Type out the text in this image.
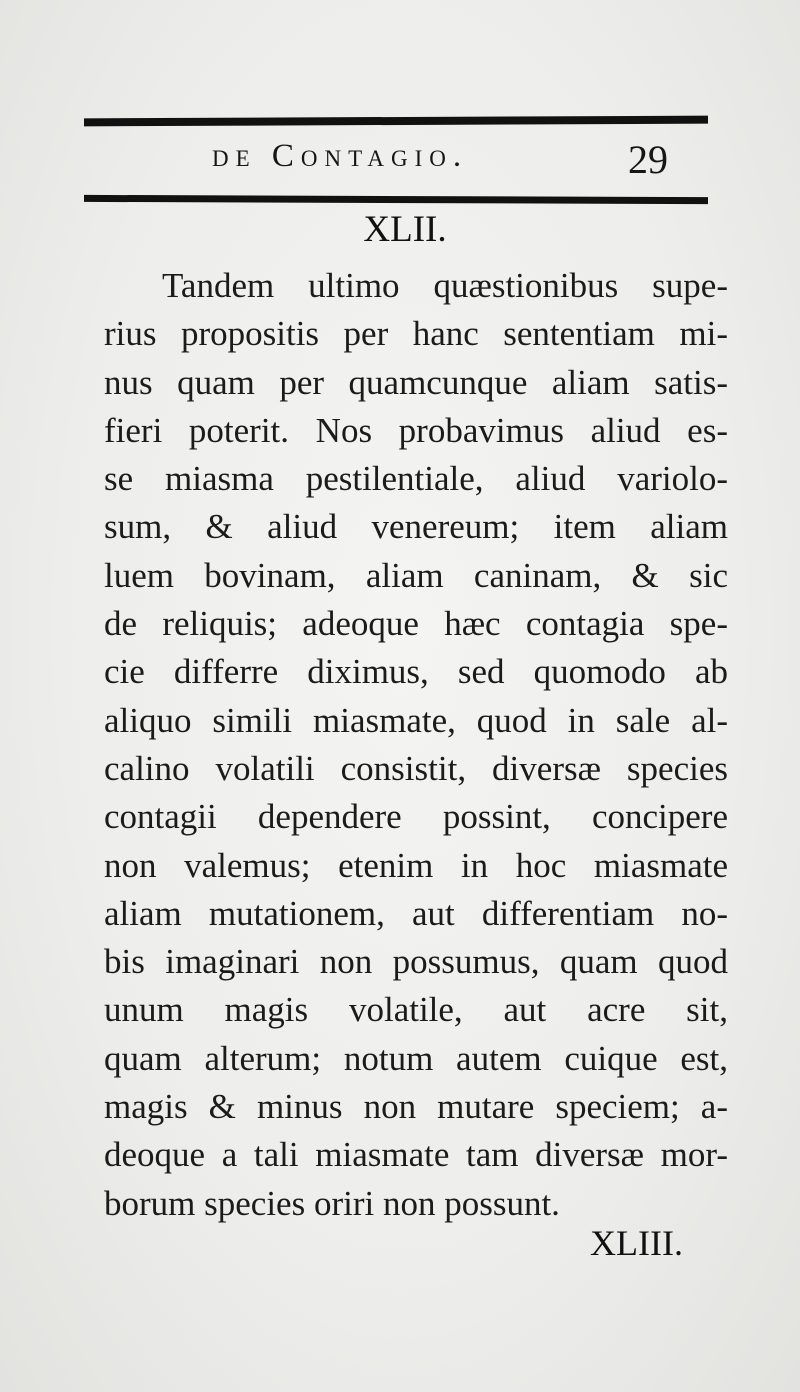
de Contagio.	29
XLII.
Tandem ultimo quæstionibus supe-
rius propositis per hanc sententiam mi-
nus quam per quamcunque aliam satis-
fieri poterit. Nos probavimus aliud es-
se miasma pestilentiale, aliud variolo-
sum, & aliud venereum; item aliam
luem bovinam, aliam caninam, & sic
de reliquis; adeoque hæc contagia spe-
cie differre diximus, sed quomodo ab
aliquo simili miasmate, quod in sale al-
calino volatili consistit, diversæ species
contagii dependere possint, concipere
non valemus; etenim in hoc miasmate
aliam mutationem, aut differentiam no-
bis imaginari non possumus, quam quod
unum magis volatile, aut acre sit,
quam alterum; notum autem cuique est,
magis & minus non mutare speciem; a-
deoque a tali miasmate tam diversæ mor-
borum species oriri non possunt.
XLIII.
